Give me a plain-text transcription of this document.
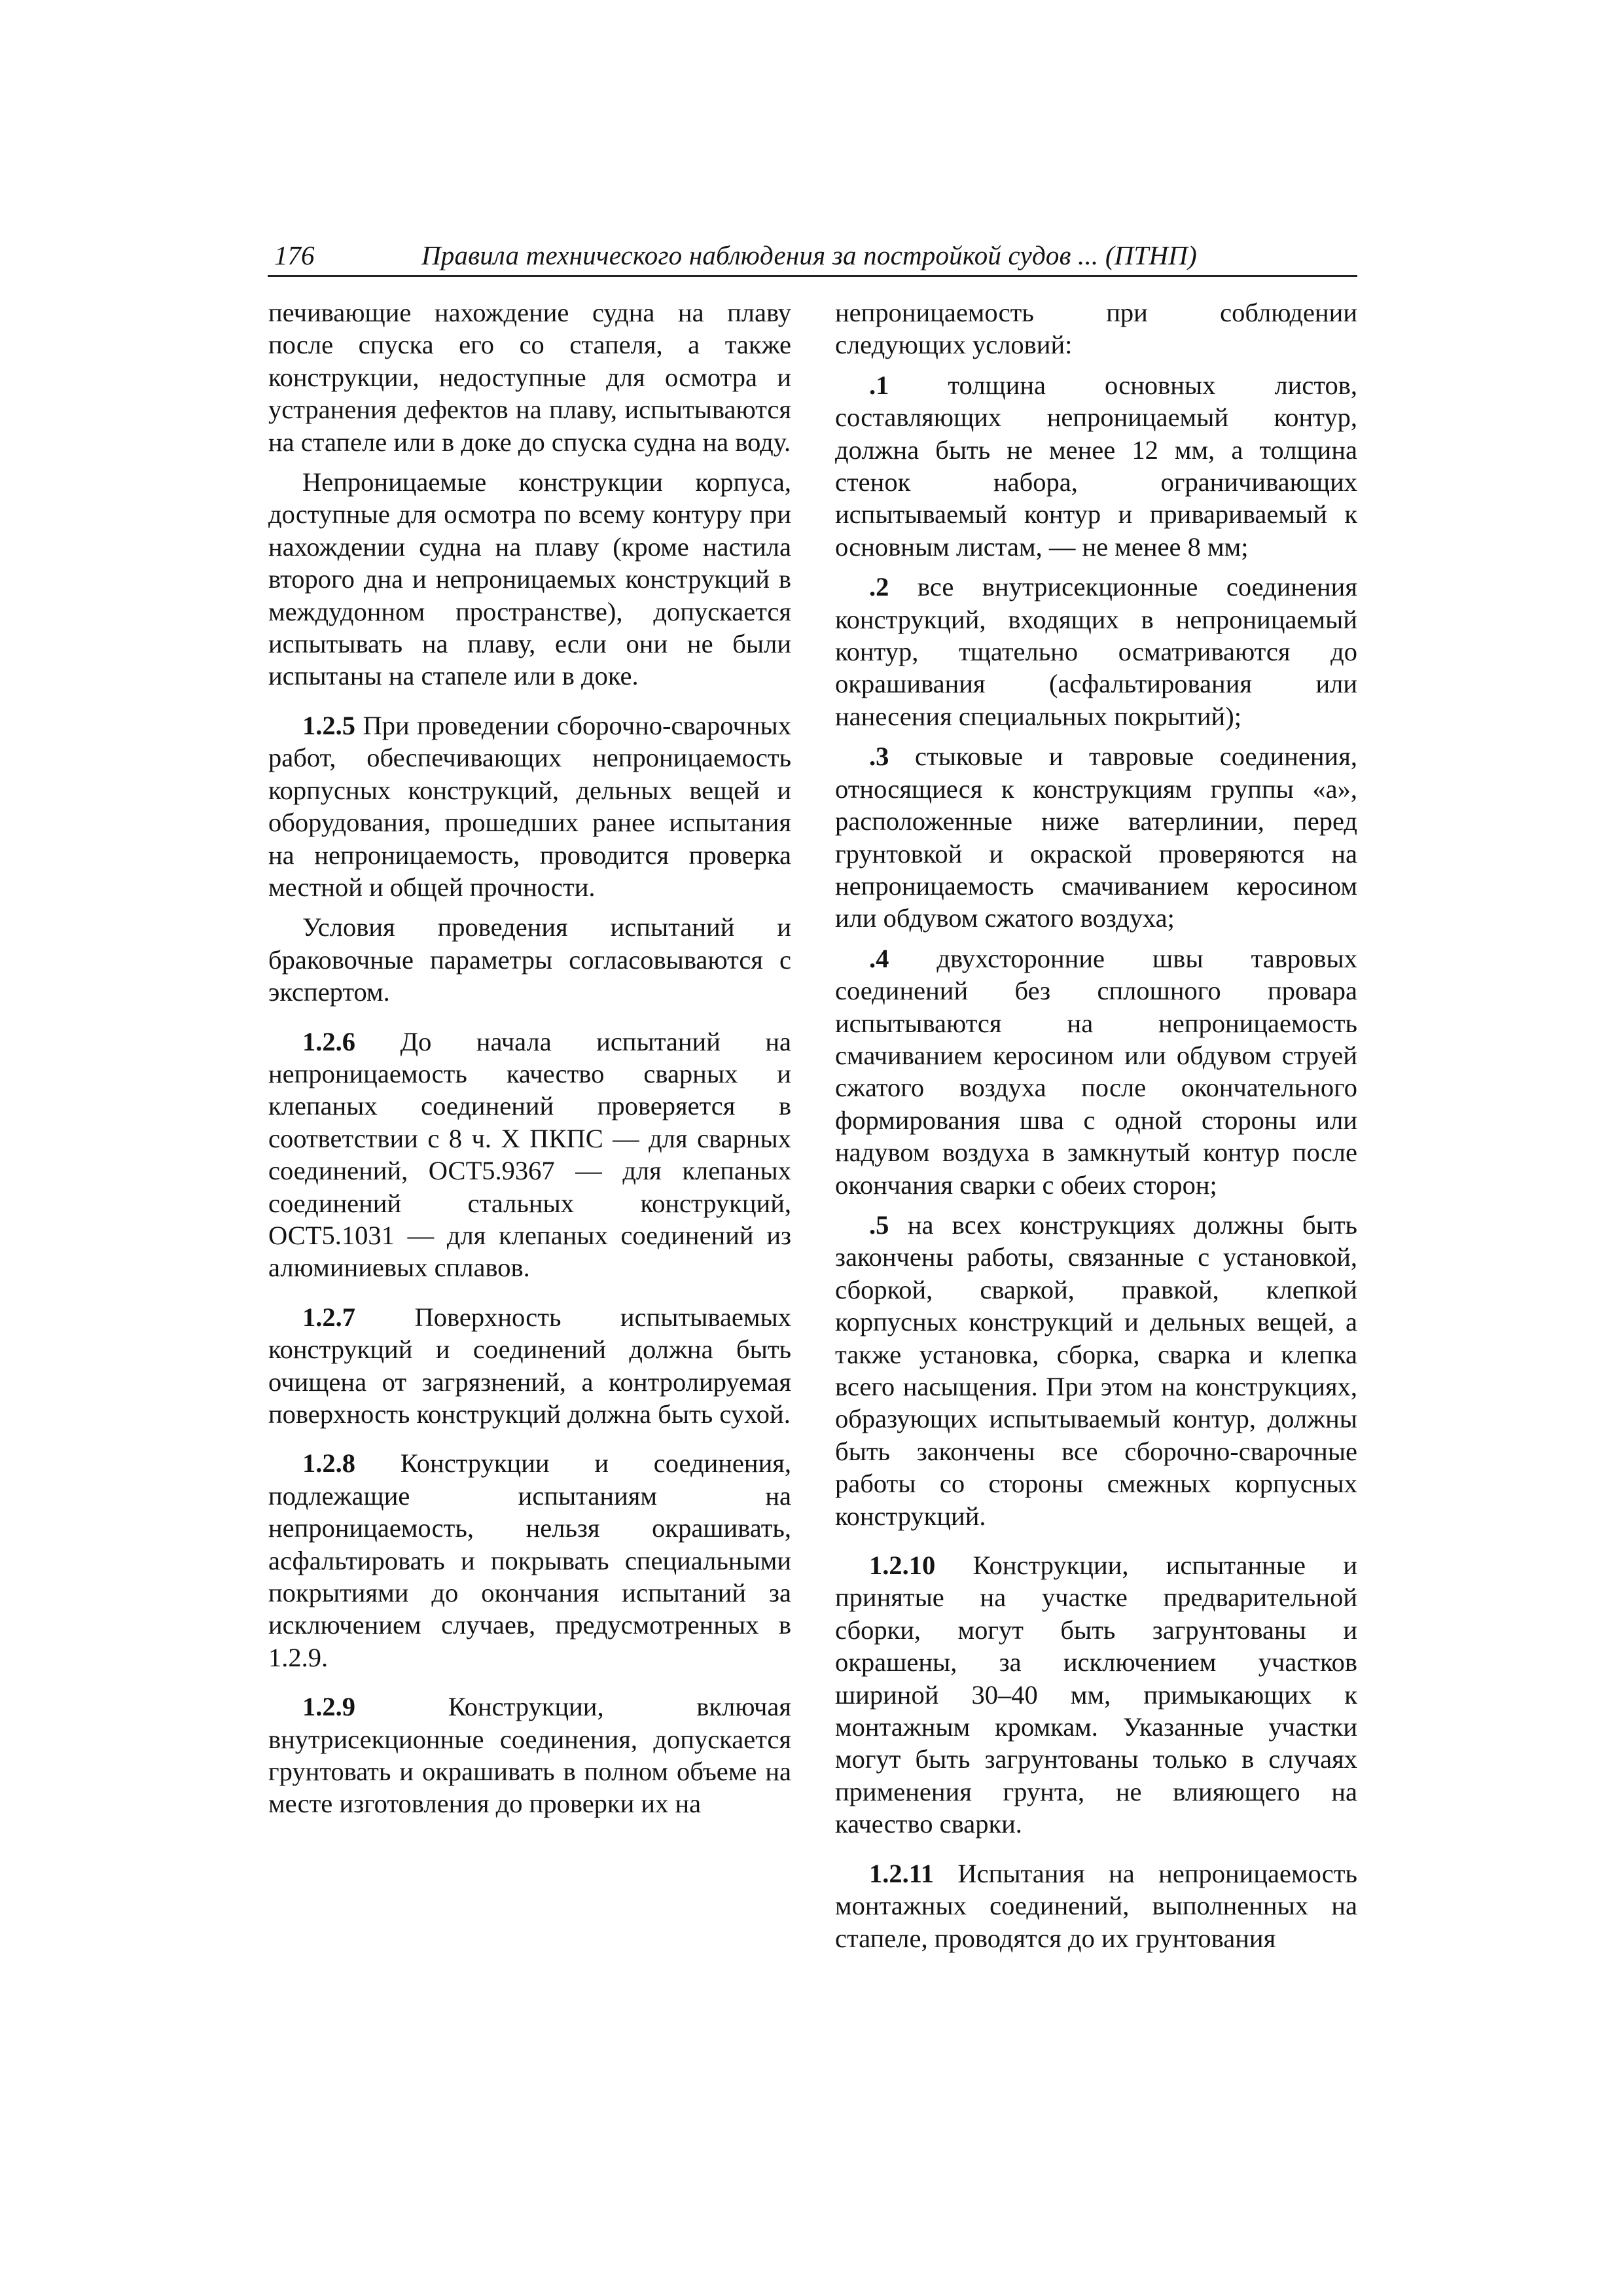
176	Правила технического наблюдения за постройкой судов ... (ПТНП)

печивающие нахождение судна на плаву после спуска его со стапеля, а также конструкции, недоступные для осмотра и устранения дефектов на плаву, испытываются на стапеле или в доке до спуска судна на воду.

Непроницаемые конструкции корпуса, доступные для осмотра по всему контуру при нахождении судна на плаву (кроме настила второго дна и непроницаемых конструкций в междудонном пространстве), допускается испытывать на плаву, если они не были испытаны на стапеле или в доке.

1.2.5 При проведении сборочно-сварочных работ, обеспечивающих непроницаемость корпусных конструкций, дельных вещей и оборудования, прошедших ранее испытания на непроницаемость, проводится проверка местной и общей прочности.

Условия проведения испытаний и браковочные параметры согласовываются с экспертом.

1.2.6 До начала испытаний на непроницаемость качество сварных и клепаных соединений проверяется в соответствии с 8 ч. X ПКПС — для сварных соединений, ОСТ5.9367 — для клепаных соединений стальных конструкций, ОСТ5.1031 — для клепаных соединений из алюминиевых сплавов.

1.2.7 Поверхность испытываемых конструкций и соединений должна быть очищена от загрязнений, а контролируемая поверхность конструкций должна быть сухой.

1.2.8 Конструкции и соединения, подлежащие испытаниям на непроницаемость, нельзя окрашивать, асфальтировать и покрывать специальными покрытиями до окончания испытаний за исключением случаев, предусмотренных в 1.2.9.

1.2.9 Конструкции, включая внутрисекционные соединения, допускается грунтовать и окрашивать в полном объеме на месте изготовления до проверки их на

непроницаемость при соблюдении следующих условий:

.1 толщина основных листов, составляющих непроницаемый контур, должна быть не менее 12 мм, а толщина стенок набора, ограничивающих испытываемый контур и привариваемый к основным листам, — не менее 8 мм;

.2 все внутрисекционные соединения конструкций, входящих в непроницаемый контур, тщательно осматриваются до окрашивания (асфальтирования или нанесения специальных покрытий);

.3 стыковые и тавровые соединения, относящиеся к конструкциям группы «а», расположенные ниже ватерлинии, перед грунтовкой и окраской проверяются на непроницаемость смачиванием керосином или обдувом сжатого воздуха;

.4 двухсторонние швы тавровых соединений без сплошного провара испытываются на непроницаемость смачиванием керосином или обдувом струей сжатого воздуха после окончательного формирования шва с одной стороны или надувом воздуха в замкнутый контур после окончания сварки с обеих сторон;

.5 на всех конструкциях должны быть закончены работы, связанные с установкой, сборкой, сваркой, правкой, клепкой корпусных конструкций и дельных вещей, а также установка, сборка, сварка и клепка всего насыщения. При этом на конструкциях, образующих испытываемый контур, должны быть закончены все сборочно-сварочные работы со стороны смежных корпусных конструкций.

1.2.10 Конструкции, испытанные и принятые на участке предварительной сборки, могут быть загрунтованы и окрашены, за исключением участков шириной 30–40 мм, примыкающих к монтажным кромкам. Указанные участки могут быть загрунтованы только в случаях применения грунта, не влияющего на качество сварки.

1.2.11 Испытания на непроницаемость монтажных соединений, выполненных на стапеле, проводятся до их грунтования
